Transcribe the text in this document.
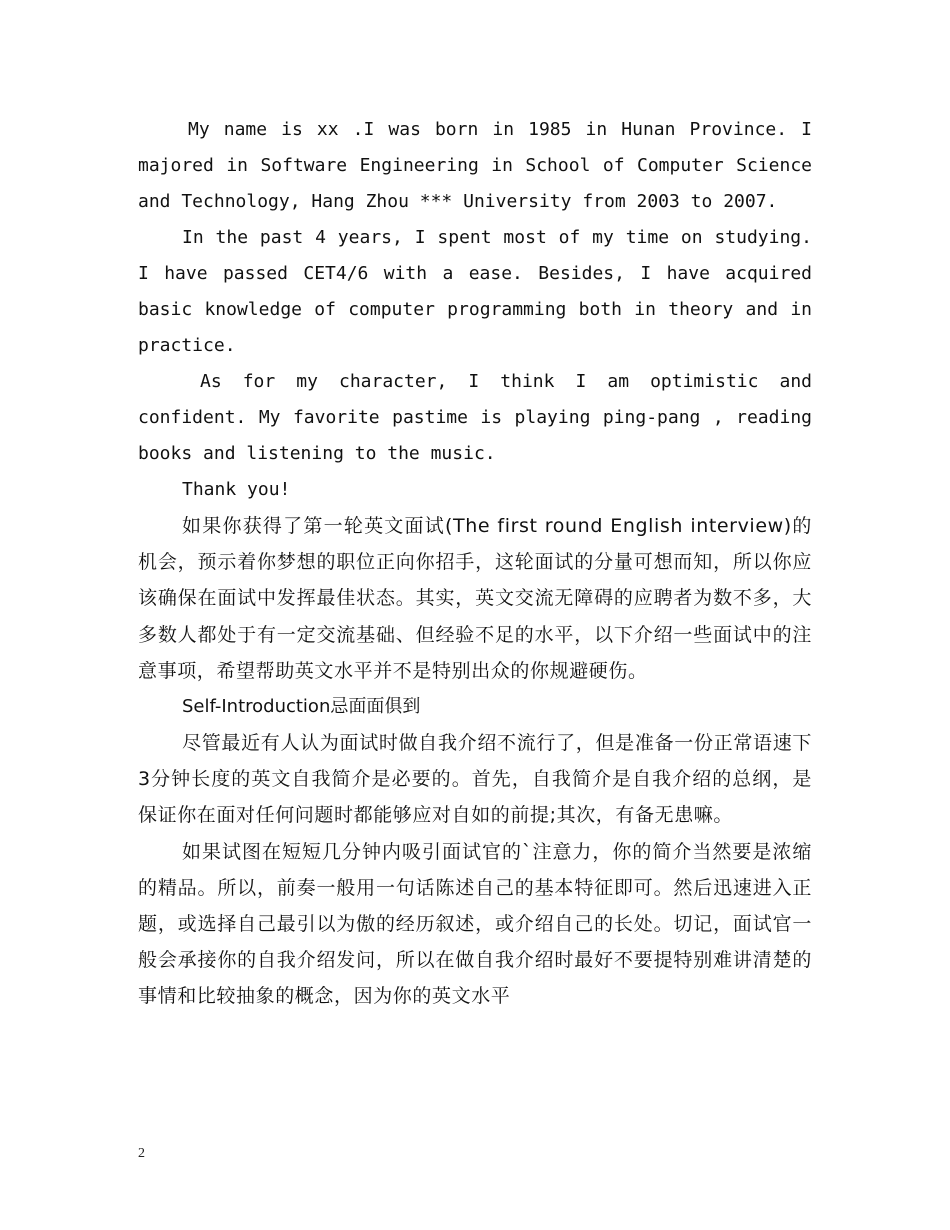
My name is xx .I was born in 1985 in Hunan Province. I majored in Software Engineering in School of Computer Science and Technology, Hang Zhou *** University from 2003 to 2007.

In the past 4 years, I spent most of my time on studying. I have passed CET4/6 with a ease. Besides, I have acquired basic knowledge of computer programming both in theory and in practice.

As for my character, I think I am optimistic and confident. My favorite pastime is playing ping-pang , reading books and listening to the music.

Thank you!

如果你获得了第一轮英文面试(The first round English interview)的机会，预示着你梦想的职位正向你招手，这轮面试的分量可想而知，所以你应该确保在面试中发挥最佳状态。其实，英文交流无障碍的应聘者为数不多，大多数人都处于有一定交流基础、但经验不足的水平，以下介绍一些面试中的注意事项，希望帮助英文水平并不是特别出众的你规避硬伤。

Self-Introduction忌面面俱到

尽管最近有人认为面试时做自我介绍不流行了，但是准备一份正常语速下3分钟长度的英文自我简介是必要的。首先，自我简介是自我介绍的总纲，是保证你在面对任何问题时都能够应对自如的前提;其次，有备无患嘛。

如果试图在短短几分钟内吸引面试官的`注意力，你的简介当然要是浓缩的精品。所以，前奏一般用一句话陈述自己的基本特征即可。然后迅速进入正题，或选择自己最引以为傲的经历叙述，或介绍自己的长处。切记，面试官一般会承接你的自我介绍发问，所以在做自我介绍时最好不要提特别难讲清楚的事情和比较抽象的概念，因为你的英文水平

2
